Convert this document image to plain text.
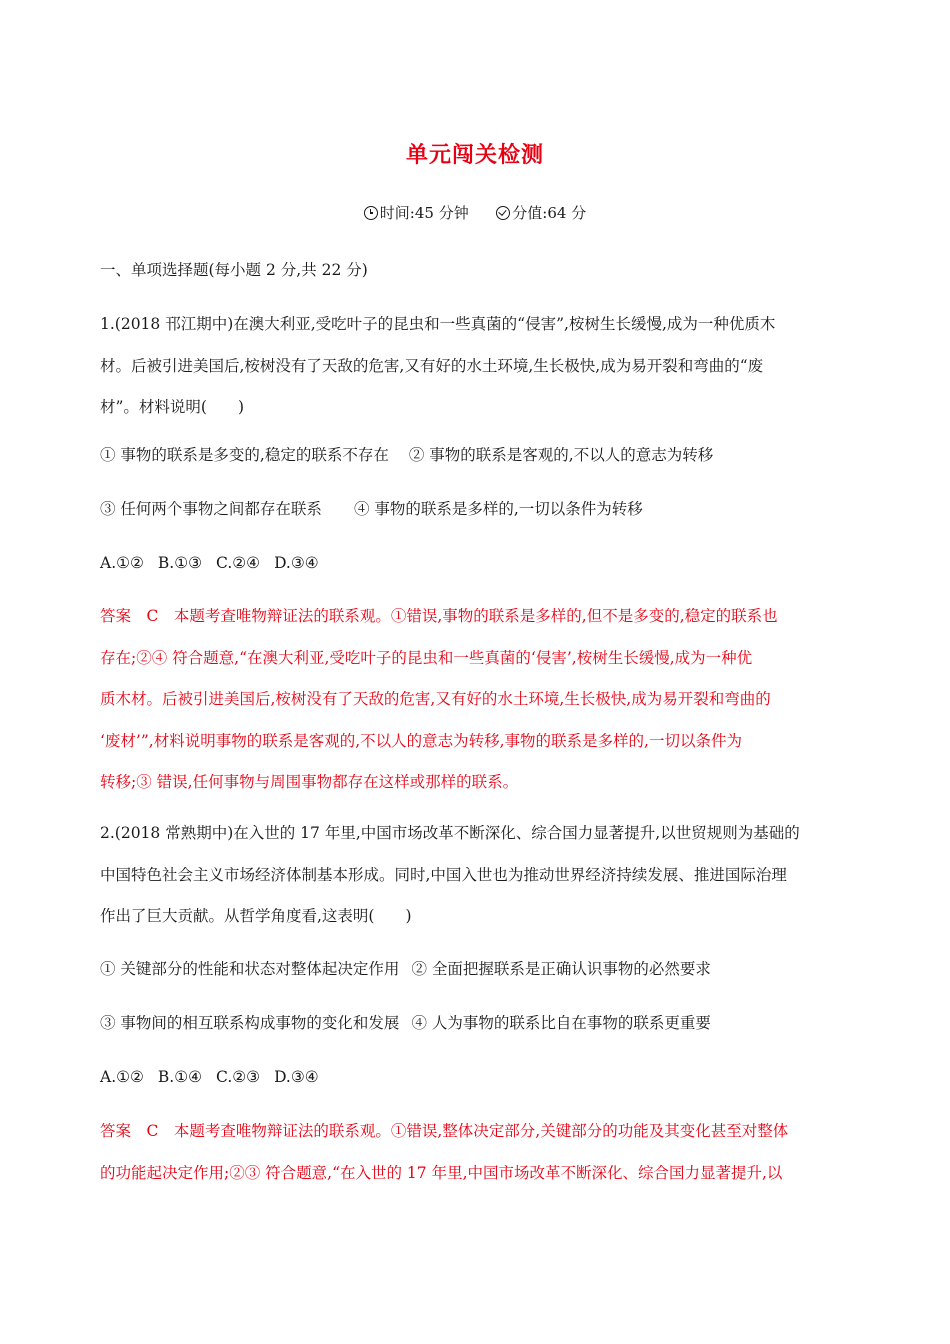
单元闯关检测
时间:45 分钟	分值:64 分
一、单项选择题(每小题 2 分,共 22 分)
1.(2018 邗江期中)在澳大利亚,受吃叶子的昆虫和一些真菌的“侵害”,桉树生长缓慢,成为一种优质木
材。后被引进美国后,桉树没有了天敌的危害,又有好的水土环境,生长极快,成为易开裂和弯曲的“废
材”。材料说明(　　)
① 事物的联系是多变的,稳定的联系不存在 ② 事物的联系是客观的,不以人的意志为转移
③ 任何两个事物之间都存在联系 ④ 事物的联系是多样的,一切以条件为转移
A.①② B.①③ C.②④ D.③④
答案　C　本题考查唯物辩证法的联系观。①错误,事物的联系是多样的,但不是多变的,稳定的联系也
存在;②④ 符合题意,“在澳大利亚,受吃叶子的昆虫和一些真菌的‘侵害’,桉树生长缓慢,成为一种优
质木材。后被引进美国后,桉树没有了天敌的危害,又有好的水土环境,生长极快,成为易开裂和弯曲的
‘废材’”,材料说明事物的联系是客观的,不以人的意志为转移,事物的联系是多样的,一切以条件为
转移;③ 错误,任何事物与周围事物都存在这样或那样的联系。
2.(2018 常熟期中)在入世的 17 年里,中国市场改革不断深化、综合国力显著提升,以世贸规则为基础的
中国特色社会主义市场经济体制基本形成。同时,中国入世也为推动世界经济持续发展、推进国际治理
作出了巨大贡献。从哲学角度看,这表明(　　)
① 关键部分的性能和状态对整体起决定作用 ② 全面把握联系是正确认识事物的必然要求
③ 事物间的相互联系构成事物的变化和发展 ④ 人为事物的联系比自在事物的联系更重要
A.①② B.①④ C.②③ D.③④
答案　C　本题考查唯物辩证法的联系观。①错误,整体决定部分,关键部分的功能及其变化甚至对整体
的功能起决定作用;②③ 符合题意,“在入世的 17 年里,中国市场改革不断深化、综合国力显著提升,以
